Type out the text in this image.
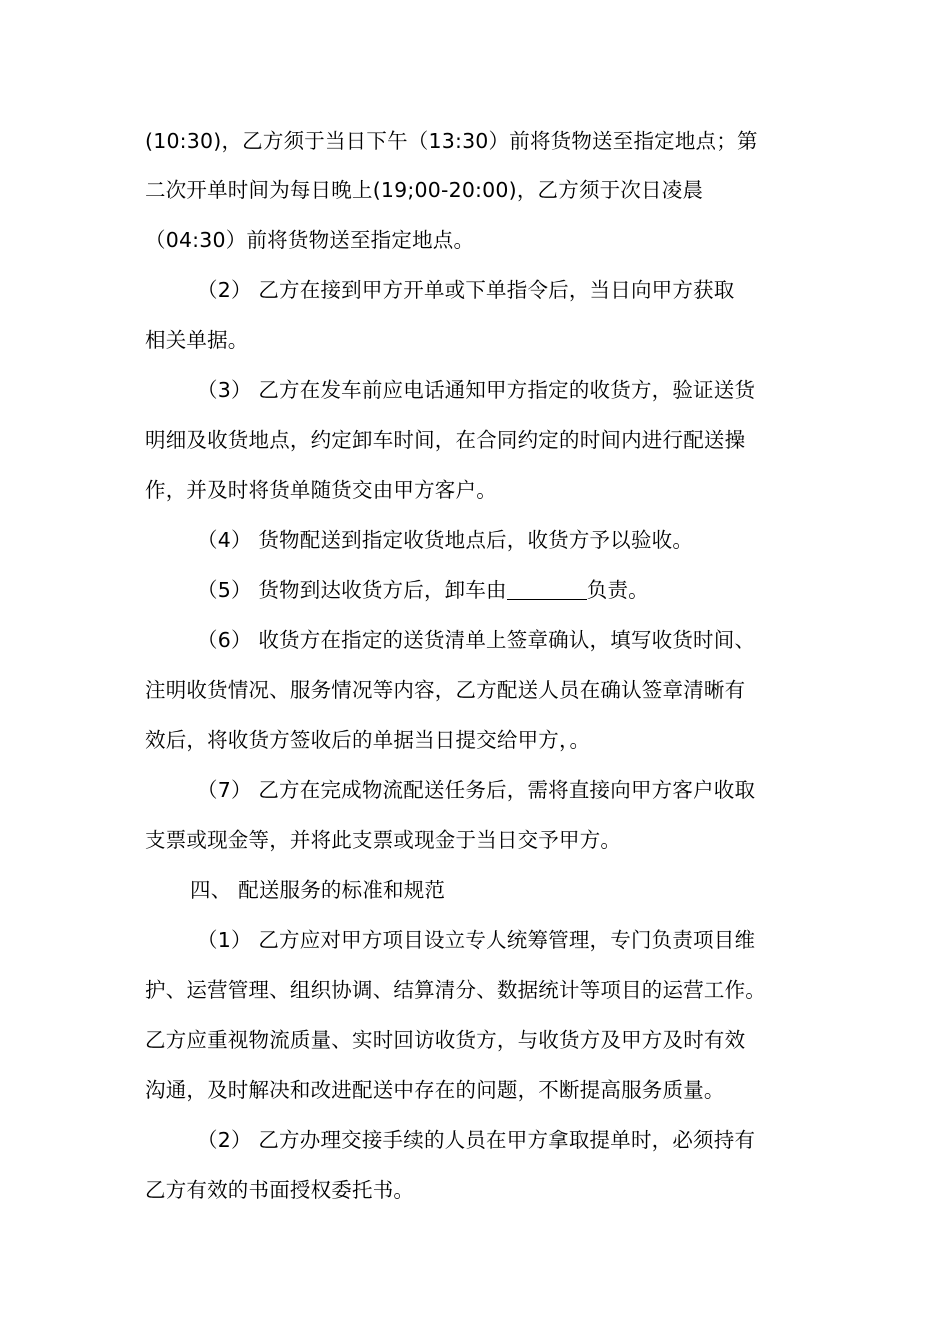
(10:30)，乙方须于当日下午（13:30）前将货物送至指定地点；第
二次开单时间为每日晚上(19;00-20:00)，乙方须于次日凌晨
（04:30）前将货物送至指定地点。
（2） 乙方在接到甲方开单或下单指令后，当日向甲方获取
相关单据。
（3） 乙方在发车前应电话通知甲方指定的收货方，验证送货
明细及收货地点，约定卸车时间，在合同约定的时间内进行配送操
作，并及时将货单随货交由甲方客户。
（4） 货物配送到指定收货地点后，收货方予以验收。
（5） 货物到达收货方后，卸车由	负责。
（6） 收货方在指定的送货清单上签章确认，填写收货时间、
注明收货情况、服务情况等内容，乙方配送人员在确认签章清晰有
效后，将收货方签收后的单据当日提交给甲方，。
（7） 乙方在完成物流配送任务后，需将直接向甲方客户收取
支票或现金等，并将此支票或现金于当日交予甲方。
四、 配送服务的标准和规范
（1） 乙方应对甲方项目设立专人统筹管理，专门负责项目维
护、运营管理、组织协调、结算清分、数据统计等项目的运营工作。
乙方应重视物流质量、实时回访收货方，与收货方及甲方及时有效
沟通，及时解决和改进配送中存在的问题，不断提高服务质量。
（2） 乙方办理交接手续的人员在甲方拿取提单时，必须持有
乙方有效的书面授权委托书。
